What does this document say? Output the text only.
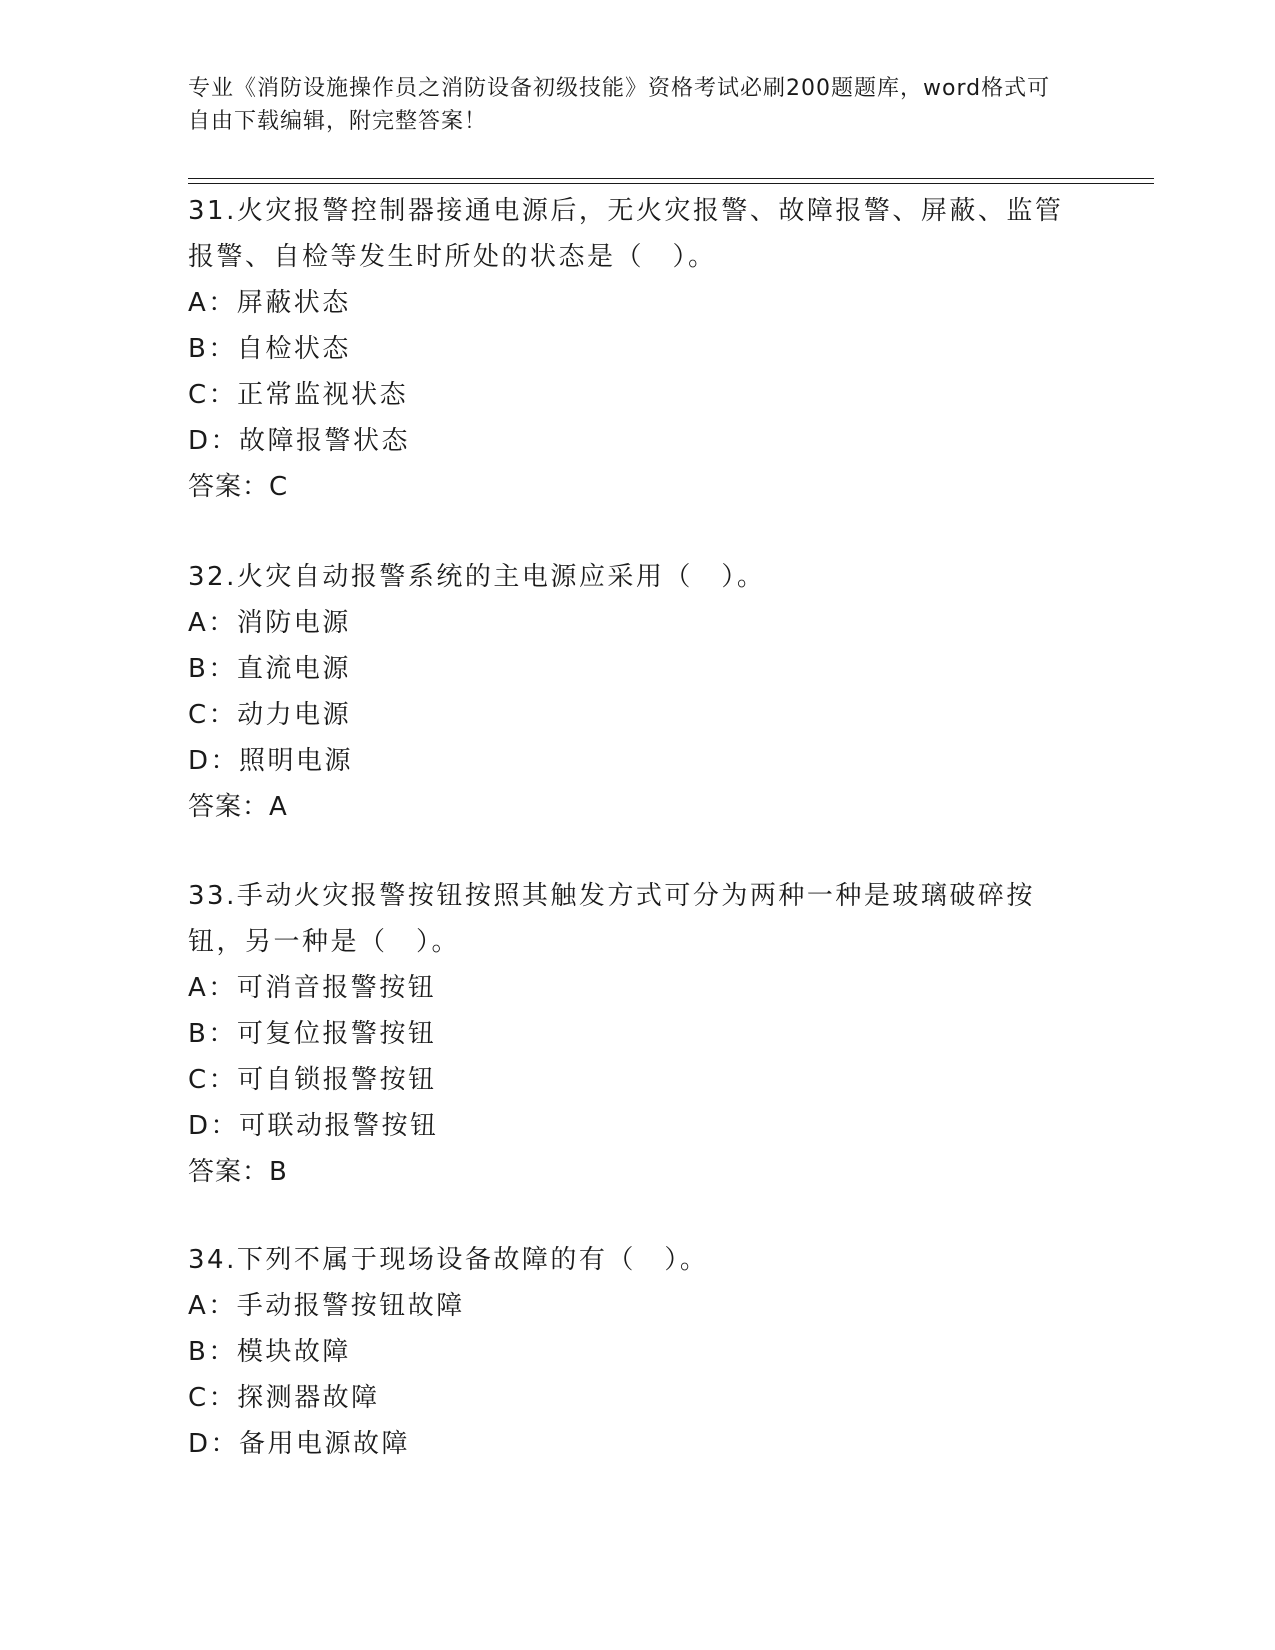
专业《消防设施操作员之消防设备初级技能》资格考试必刷200题题库，word格式可自由下载编辑，附完整答案！

31.火灾报警控制器接通电源后，无火灾报警、故障报警、屏蔽、监管报警、自检等发生时所处的状态是（　）。

A：屏蔽状态

B：自检状态

C：正常监视状态

D：故障报警状态

答案：C

32.火灾自动报警系统的主电源应采用（　）。

A：消防电源

B：直流电源

C：动力电源

D：照明电源

答案：A

33.手动火灾报警按钮按照其触发方式可分为两种一种是玻璃破碎按钮，另一种是（　）。

A：可消音报警按钮

B：可复位报警按钮

C：可自锁报警按钮

D：可联动报警按钮

答案：B

34.下列不属于现场设备故障的有（　）。

A：手动报警按钮故障

B：模块故障

C：探测器故障

D：备用电源故障
